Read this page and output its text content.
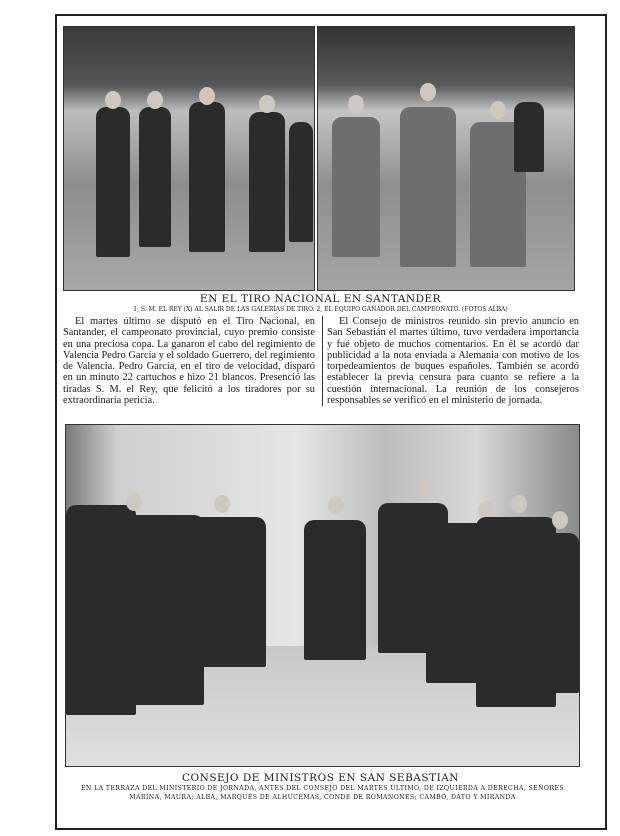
EN EL TIRO NACIONAL EN SANTANDER
1, S. M. EL REY (X) AL SALIR DE LAS GALERÍAS DE TIRO. 2, EL EQUIPO GANADOR DEL CAMPEONATO. (FOTOS ALBA)
El martes último se disputó en el Tiro Nacional, en Santander, el campeonato provincial, cuyo premio consiste en una preciosa copa. La ganaron el cabo del regimiento de Valencia Pedro García y el soldado Guerrero, del regimiento de Valencia. Pedro García, en el tiro de velocidad, disparó en un minuto 22 cartuchos e hizo 21 blancos. Presenció las tiradas S. M. el Rey, que felicitó a los tiradores por su extraordinaria pericia.
El Consejo de ministros reunido sin previo anuncio en San Sebastián el martes último, tuvo verdadera importancia y fué objeto de muchos comentarios. En él se acordó dar publicidad a la nota enviada a Alemania con motivo de los torpedeamientos de buques españoles. También se acordó establecer la previa censura para cuanto se refiere a la cuestión internacional. La reunión de los consejeros responsables se verificó en el ministerio de jornada.
CONSEJO DE MINISTROS EN SAN SEBASTIAN
EN LA TERRAZA DEL MINISTERIO DE JORNADA, ANTES DEL CONSEJO DEL MARTES ÚLTIMO, DE IZQUIERDA A DERECHA, SEÑORES MARINA, MAURA; ALBA, MARQUÉS DE ALHUCEMAS, CONDE DE ROMANONES; CAMBÓ, DATO Y MIRANDA
